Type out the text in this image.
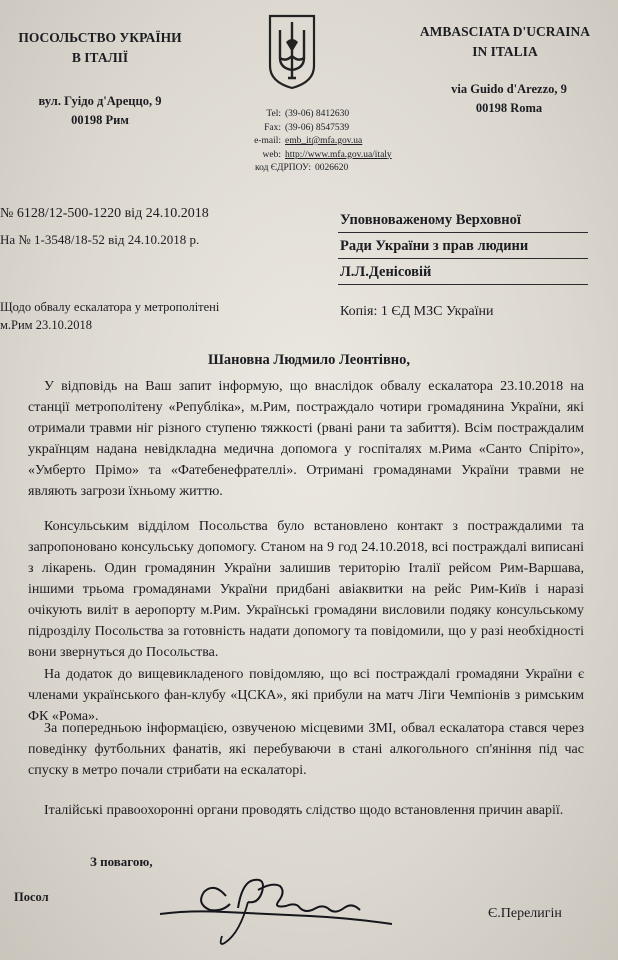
ПОСОЛЬСТВО УКРАЇНИ
В ІТАЛІЇ
вул. Гуідо д'Ареццо, 9
00198 Рим
AMBASCIATA D'UCRAINA
IN ITALIA
via Guido d'Arezzo, 9
00198 Roma
Tel: (39-06) 8412630
Fax: (39-06) 8547539
e-mail: emb_it@mfa.gov.ua
web: http://www.mfa.gov.ua/italy
код ЄДРПОУ: 0026620
№ 6128/12-500-1220 від 24.10.2018
На № 1-3548/18-52 від 24.10.2018 р.
Уповноваженому Верховної
Ради України з прав людини
Л.Л.Денісовій
Щодо обвалу ескалатора у метрополітені
м.Рим 23.10.2018
Копія: 1 ЄД МЗС України
Шановна Людмило Леонтівно,
У відповідь на Ваш запит інформую, що внаслідок обвалу ескалатора 23.10.2018 на станції метрополітену «Републіка», м.Рим, постраждало чотири громадянина України, які отримали травми ніг різного ступеню тяжкості (рвані рани та забиття). Всім постраждалим українцям надана невідкладна медична допомога у госпіталях м.Рима «Санто Спіріто», «Умберто Прімо» та «Фатебенефрателлі». Отримані громадянами України травми не являють загрози їхньому життю.
Консульським відділом Посольства було встановлено контакт з постраждалими та запропоновано консульську допомогу. Станом на 9 год 24.10.2018, всі постраждалі виписані з лікарень. Один громадянин України залишив територію Італії рейсом Рим-Варшава, іншими трьома громадянами України придбані авіаквитки на рейс Рим-Київ і наразі очікують виліт в аеропорту м.Рим. Українські громадяни висловили подяку консульському підрозділу Посольства за готовність надати допомогу та повідомили, що у разі необхідності вони звернуться до Посольства.
На додаток до вищевикладеного повідомляю, що всі постраждалі громадяни України є членами українського фан-клубу «ЦСКА», які прибули на матч Ліги Чемпіонів з римським ФК «Рома».
За попередньою інформацією, озвученою місцевими ЗМІ, обвал ескалатора стався через поведінку футбольних фанатів, які перебуваючи в стані алкогольного сп'яніння під час спуску в метро почали стрибати на ескалаторі.
Італійські правоохоронні органи проводять слідство щодо встановлення причин аварії.
З повагою,
Посол
Є.Перелигін
